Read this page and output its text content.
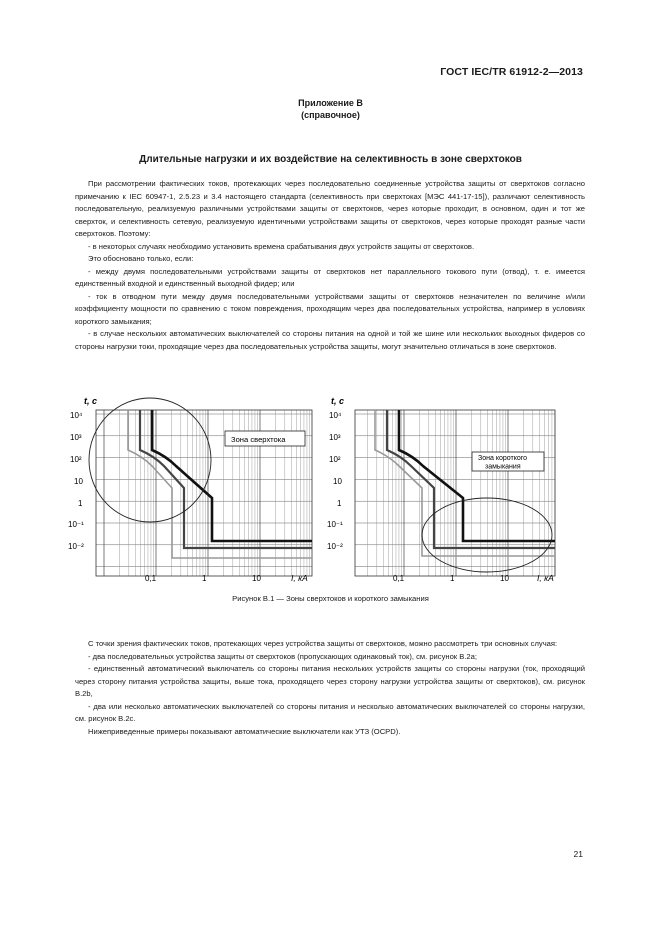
ГОСТ IEC/TR 61912-2—2013
Приложение В
(справочное)
Длительные нагрузки и их воздействие на селективность в зоне сверхтоков

При рассмотрении фактических токов, протекающих через последовательно соединенные устройства защиты от сверхтоков согласно примечанию к IEC 60947-1, 2.5.23 и 3.4 настоящего стандарта (селективность при сверхтоках [МЭС 441-17-15]), различают селективность последовательную, реализуемую различными устройствами защиты от сверхтоков, через которые проходит, в основном, один и тот же сверхток, и селективность сетевую, реализуемую идентичными устройствами защиты от сверхтоков, через которые проходят разные части сверхтоков. Поэтому:

- в некоторых случаях необходимо установить времена срабатывания двух устройств защиты от сверхтоков.

Это обосновано только, если:

- между двумя последовательными устройствами защиты от сверхтоков нет параллельного токового пути (отвод), т. е. имеется единственный входной и единственный выходной фидер; или

- ток в отводном пути между двумя последовательными устройствами защиты от сверхтоков незначителен по величине и/или коэффициенту мощности по сравнению с током повреждения, проходящим через два последовательных устройства, например в условиях короткого замыкания;

- в случае нескольких автоматических выключателей со стороны питания на одной и той же шине или нескольких выходных фидеров со стороны нагрузки токи, проходящие через два последовательных устройства защиты, могут значительно отличаться в зоне сверхтоков.

t, с
10⁴
10³
10²
10
1
10⁻¹
10⁻²
Зона сверхтока
0,1	1	10	I, кА
t, с
10⁴
10³
10²
10
1
10⁻¹
10⁻²
Зона короткого
замыкания
0,1	1	10	I, кА
Рисунок В.1 — Зоны сверхтоков и короткого замыкания

С точки зрения фактических токов, протекающих через устройства защиты от сверхтоков, можно рассмотреть три основных случая:

- два последовательных устройства защиты от сверхтоков (пропускающих одинаковый ток), см. рисунок В.2а;

- единственный автоматический выключатель со стороны питания нескольких устройств защиты со стороны нагрузки (ток, проходящий через сторону питания устройства защиты, выше тока, проходящего через сторону нагрузки устройства защиты от сверхтоков), см. рисунок В.2b,

- два или несколько автоматических выключателей со стороны питания и несколько автоматических выключателей со стороны нагрузки, см. рисунок В.2с.

Нижеприведенные примеры показывают автоматические выключатели как УТЗ (OCPD).

21
